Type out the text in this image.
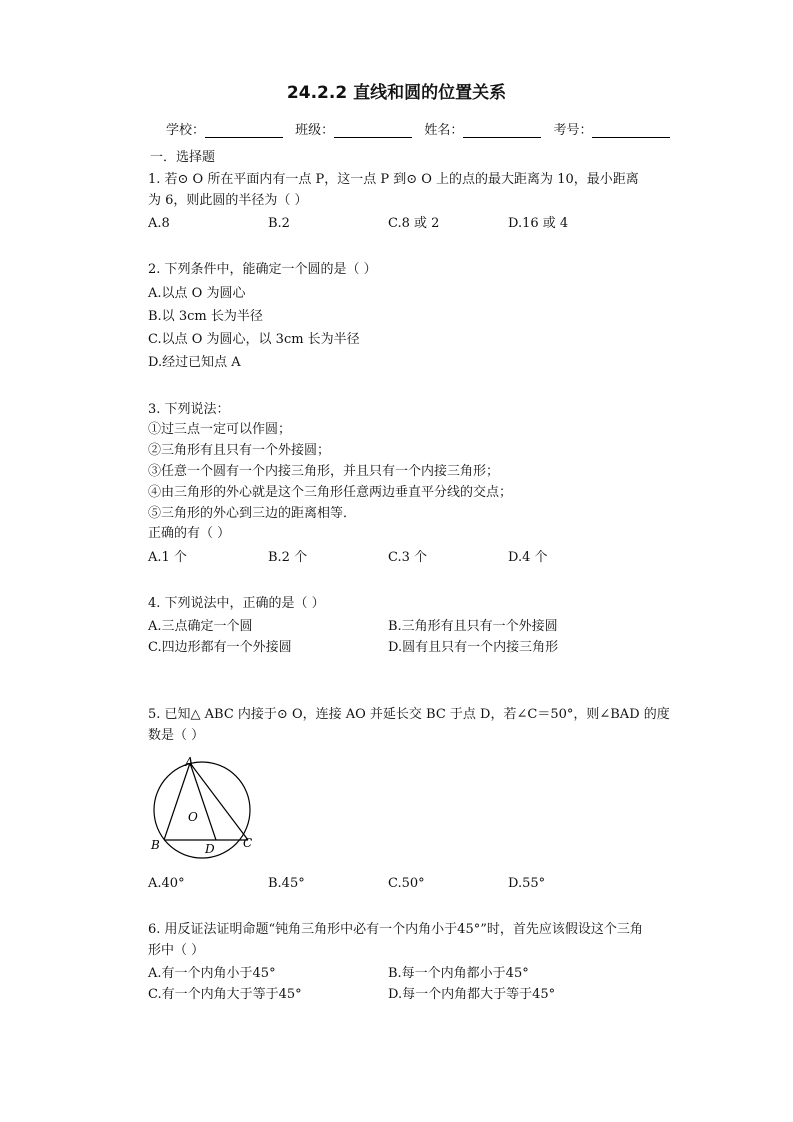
24.2.2 直线和圆的位置关系
学校：	班级：	姓名：	考号：
一．选择题
1. 若⊙ O 所在平面内有一点 P，这一点 P 到⊙ O 上的点的最大距离为 10，最小距离
为 6，则此圆的半径为（ ）
A.8	B.2	C.8 或 2	D.16 或 4
2. 下列条件中，能确定一个圆的是（ ）
A.以点 O 为圆心
B.以 3cm 长为半径
C.以点 O 为圆心，以 3cm 长为半径
D.经过已知点 A
3. 下列说法：
①过三点一定可以作圆；
②三角形有且只有一个外接圆；
③任意一个圆有一个内接三角形，并且只有一个内接三角形；
④由三角形的外心就是这个三角形任意两边垂直平分线的交点；
⑤三角形的外心到三边的距离相等．
正确的有（ ）
A.1 个	B.2 个	C.3 个	D.4 个
4. 下列说法中，正确的是（ ）
A.三点确定一个圆	B.三角形有且只有一个外接圆
C.四边形都有一个外接圆	D.圆有且只有一个内接三角形
5. 已知△ ABC 内接于⊙ O，连接 AO 并延长交 BC 于点 D，若∠C＝50°，则∠BAD 的度
数是（ ）
A
O
B	D C
A.40°	B.45°	C.50°	D.55°
6. 用反证法证明命题“钝角三角形中必有一个内角小于45°”时，首先应该假设这个三角
形中（ ）
A.有一个内角小于45°	B.每一个内角都小于45°
C.有一个内角大于等于45°	D.每一个内角都大于等于45°
